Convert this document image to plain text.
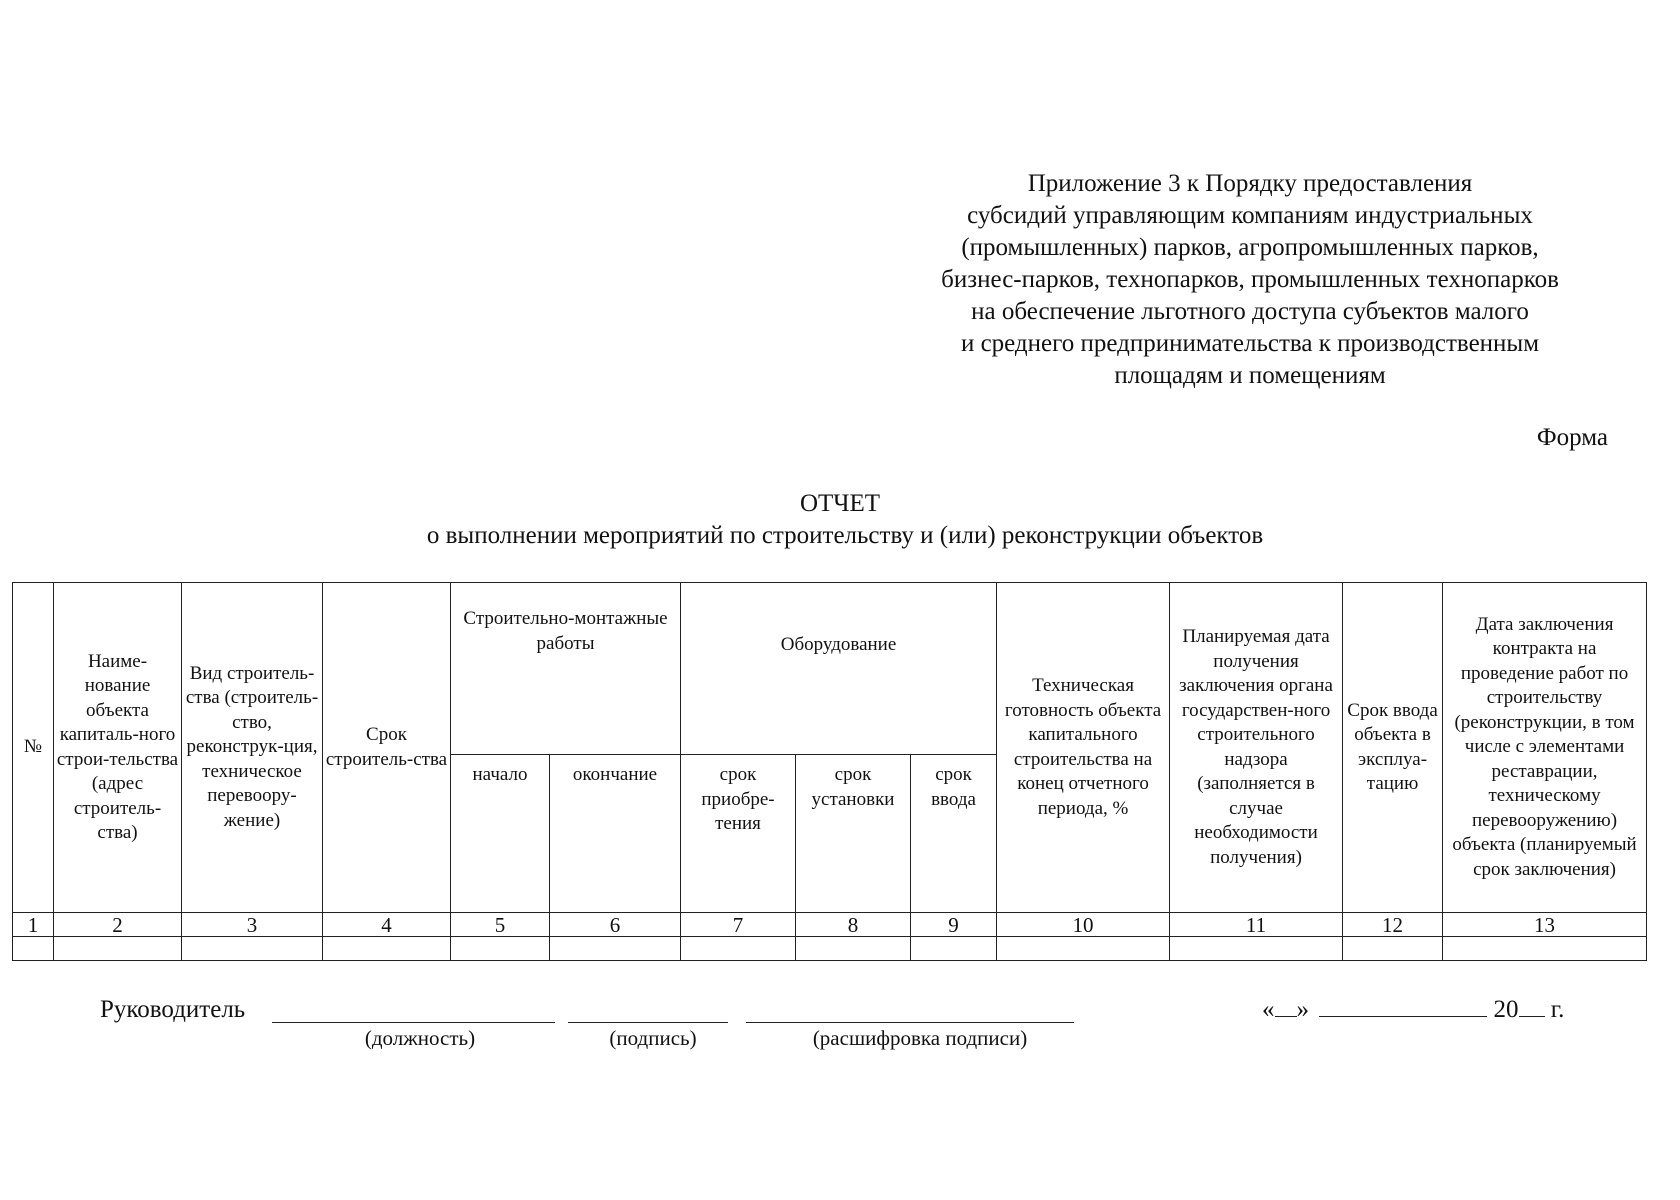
Приложение 3 к Порядку предоставления
субсидий управляющим компаниям индустриальных
(промышленных) парков, агропромышленных парков,
бизнес-парков, технопарков, промышленных технопарков
на обеспечение льготного доступа субъектов малого
и среднего предпринимательства к производственным
площадям и помещениям
Форма
ОТЧЕТ
о выполнении мероприятий по строительству и (или) реконструкции объектов
№	Наиме-нование объекта капиталь-ного строи-тельства (адрес строитель-ства)	Вид строитель-ства (строитель-ство, реконструк-ция, техническое перевоору-жение)	Срок строитель-ства	Строительно-монтажные работы		Оборудование			Техническая готовность объекта капитального строительства на конец отчетного периода, %	Планируемая дата получения заключения органа государствен-ного строительного надзора (заполняется в случае необходимости получения)	Срок ввода объекта в эксплуа-тацию	Дата заключения контракта на проведение работ по строительству (реконструкции, в том числе с элементами реставрации, техническому перевооружению) объекта (планируемый срок заключения)
				начало	окончание	срок приобре-тения	срок установки	срок ввода				
1	2	3	4	5	6	7	8	9	10	11	12	13

Руководитель
(должность)	(подпись)	(расшифровка подписи)
« »	20 г.
